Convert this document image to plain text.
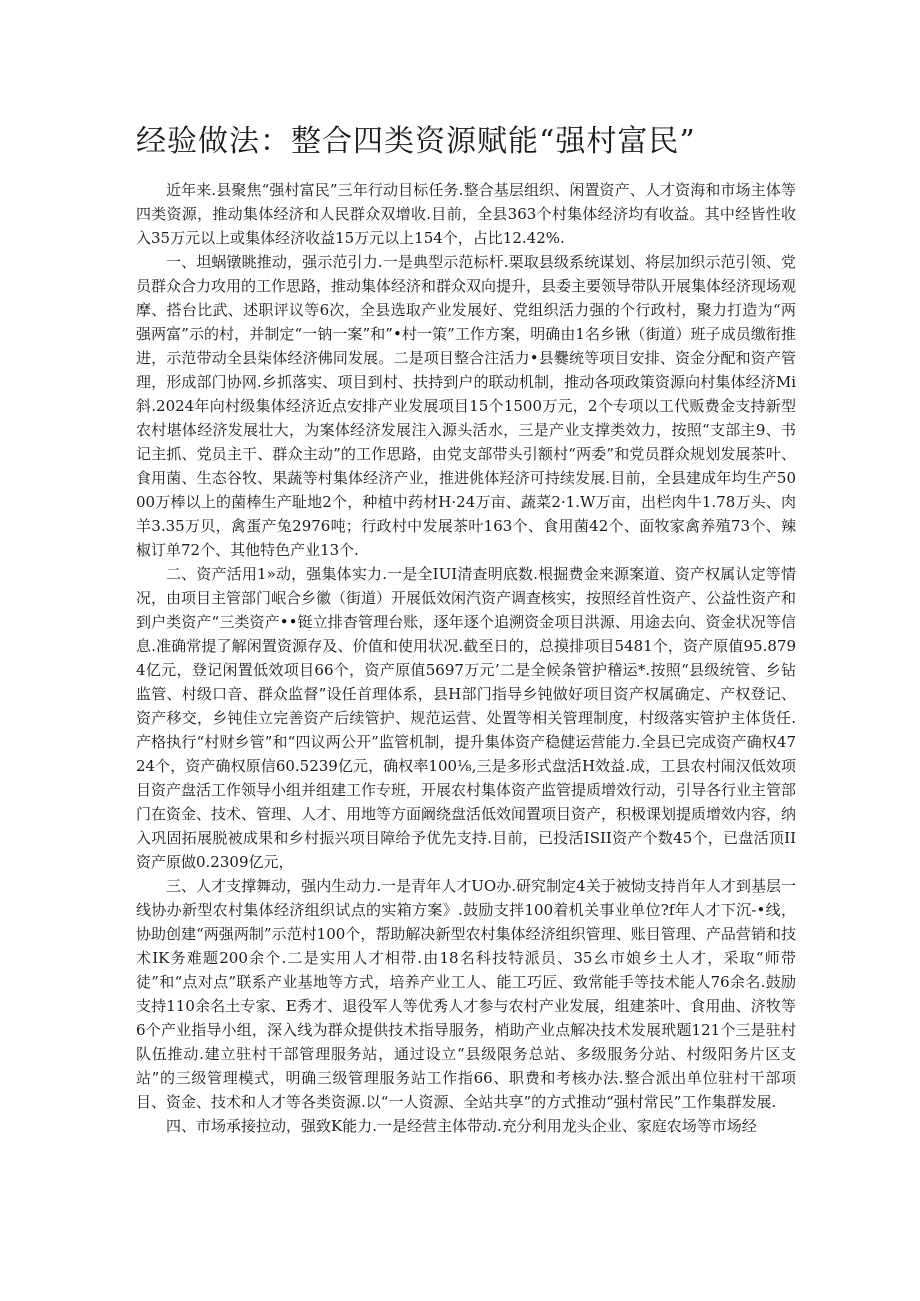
经验做法：整合四类资源赋能“强村富民”

近年来.县聚焦“强村富民”三年行动目标任务.整合基层组织、闲置资产、人才资海和市场主体等四类资源，推动集体经济和人民群众双增收.目前，全县363个村集体经济均有收益。其中经皆性收入35万元以上或集体经济收益15万元以上154个，占比12.42%.

一、坦蜗镦眺推动，强示范引力.一是典型示范标杆.栗取县级系统谋划、将层加织示范引领、党员群众合力攻用的工作思路，推动集体经济和群众双向提升，县委主要领导带队开展集体经济现场观摩、搭台比武、述职评议等6次，全县选取产业发展好、党组织活力强的个行政村，聚力打造为“两强两富”示的村，并制定“一钠一案”和”•村一策”工作方案，明确由1名乡锹（街道）班子成员缴衔推进，示范带动全县柒体经济佛同发展。二是项目整合注活力•县爨统等项目安排、资金分配和资产管理，形成部门协网.乡抓落实、项目到村、扶持到户的联动机制，推动各项政策资源向村集体经济Mi斜.2024年向村级集体经济近点安排产业发展项目15个1500万元，2个专项以工代贩费金支持新型农村堪体经济发展壮大，为案体经济发展注入源头活水，三是产业支撑类效力，按照“支部主9、书记主抓、党员主干、群众主动”的工作思路，由党支部带头引额村“两委”和党员群众规划发展茶叶、食用菌、生态谷牧、果蔬等村集体经济产业，推进佻体羟济可持续发展.目前，全县建成年均生产5000万棒以上的菌棒生产耻地2个，种植中药材H·24万亩、蔬菜2·1.W万亩，出栏肉牛1.78万头、肉羊3.35万贝，禽蛋产兔2976吨；行政村中发展茶叶163个、食用菌42个、面牧家禽养殖73个、辣椒订单72个、其他特色产业13个.

二、资产活用1»动，强集体实力.一是全IUI清查明底数.根掘费金来源案道、资产权属认定等情况，由项目主管部门岷合乡徽（街道）开展低效闲汽资产调查核实，按照经首性资产、公益性资产和到户类资产“三类资产••铤立排杳管理台账，逐年逐个追溯资金项目洪源、用途去向、资金状况等信息.准确常提了解闲置资源存及、价值和使用状况.截至日的，总摸排项目5481个，资产原值95.8794亿元，登记闲置低效项目66个，资产原值5697万元’二是全候条管护稽运*.按照“县级统管、乡钻监管、村级口音、群众监督”设任首理体系，县H部门指导乡钝做好项目资产权属确定、产权登记、资产移交，乡钝佳立完善资产后续管护、规范运营、处置等相关管理制度，村级落实管护主体货任.产格执行“村财乡管”和“四议两公开”监管机制，提升集体资产稳健运营能力.全县已完成资产确权4724个，资产确权原信60.5239亿元，确权率100⅛,三是多形式盘活H效益.成，工县农村闹汉低效项目资产盘活工作领导小组并组建工作专班，开展农村集体资产监管提质增效行动，引导各行业主管部门在资金、技术、管理、人才、用地等方面阚绕盘活低效闻置项目资产，积极课划提质增效内容，纳入巩固拓展脱被成果和乡村振兴项目障给予优先支持.目前，已投活ISII资产个数45个，已盘活顶II资产原做0.2309亿元，

三、人才支撑舞动，强内生动力.一是青年人才UO办.研究制定4关于被恸支持肖年人才到基层一线协办新型农村集体经济组织试点的实箱方案》.鼓励支拌100着机关事业单位?f年人才下沉-•线，协助创建“两强两制”示范村100个，帮助解决新型农村集体经济组织管理、账目管理、产品营销和技术IK务难题200余个.二是实用人才相带.由18名科技特派员、35幺市娘乡土人才，采取“师带徒”和“点对点”联系产业基地等方式，培养产业工人、能工巧匠、致常能手等技术能人76余名.鼓励支持110余名土专家、E秀才、退役军人等优秀人才参与农村产业发展，组建茶叶、食用曲、济牧等6个产业指导小组，深入线为群众提供技术指导服务，梢助产业点解决技术发展玳题121个三是驻村队伍推动.建立驻村干部管理服务站，通过设立“县级限务总站、多级服务分站、村级阳务片区支站”的三级管理模式，明确三级管理服务站工作指66、职费和考核办法.整合派出单位驻村干部项目、资金、技术和人才等各类资源.以“一人资源、全站共享”的方式推动“强村常民”工作集群发展.

四、市场承接拉动，强致K能力.一是经营主体带动.充分利用龙头企业、家庭农场等市场经
